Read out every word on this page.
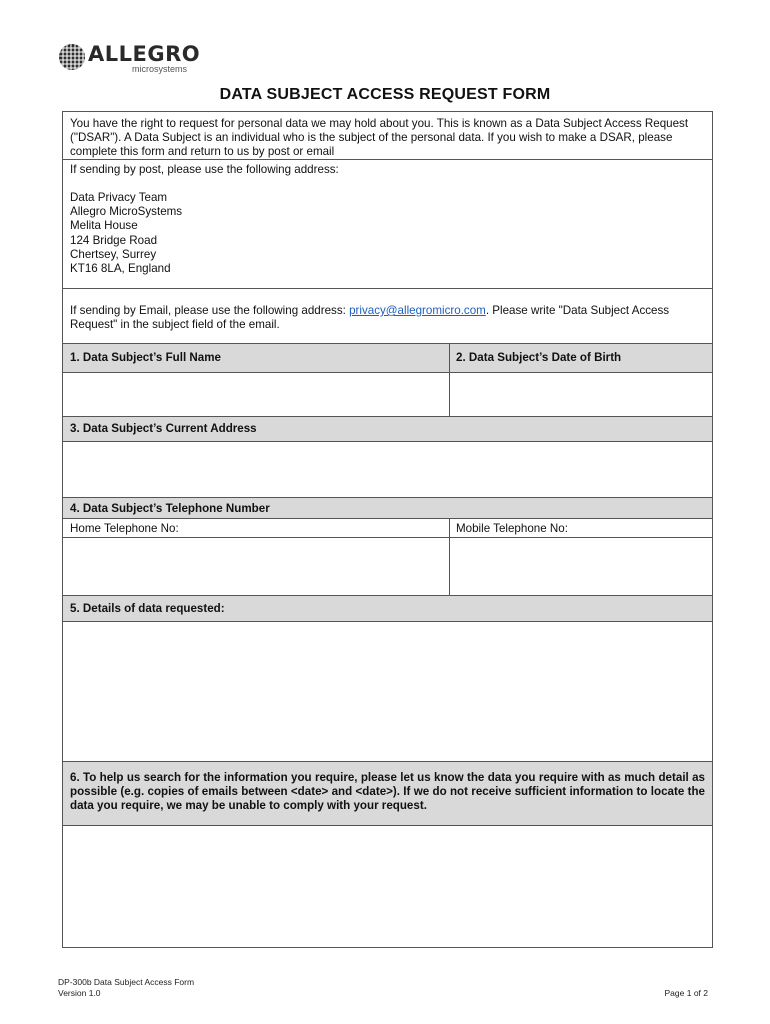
ALLEGRO
microsystems
DATA SUBJECT ACCESS REQUEST FORM
You have the right to request for personal data we may hold about you. This is known as a Data Subject Access Request ("DSAR"). A Data Subject is an individual who is the subject of the personal data. If you wish to make a DSAR, please complete this form and return to us by post or email
If sending by post, please use the following address:
Data Privacy Team
Allegro MicroSystems
Melita House
124 Bridge Road
Chertsey, Surrey
KT16 8LA, England
If sending by Email, please use the following address: privacy@allegromicro.com. Please write "Data Subject Access Request" in the subject field of the email.
1. Data Subject’s Full Name	2. Data Subject’s Date of Birth
3. Data Subject’s Current Address
4. Data Subject’s Telephone Number
Home Telephone No:	Mobile Telephone No:
5. Details of data requested:
6. To help us search for the information you require, please let us know the data you require with as much detail as possible (e.g. copies of emails between <date> and <date>). If we do not receive sufficient information to locate the data you require, we may be unable to comply with your request.
DP-300b Data Subject Access Form
Version 1.0	Page 1 of 2
